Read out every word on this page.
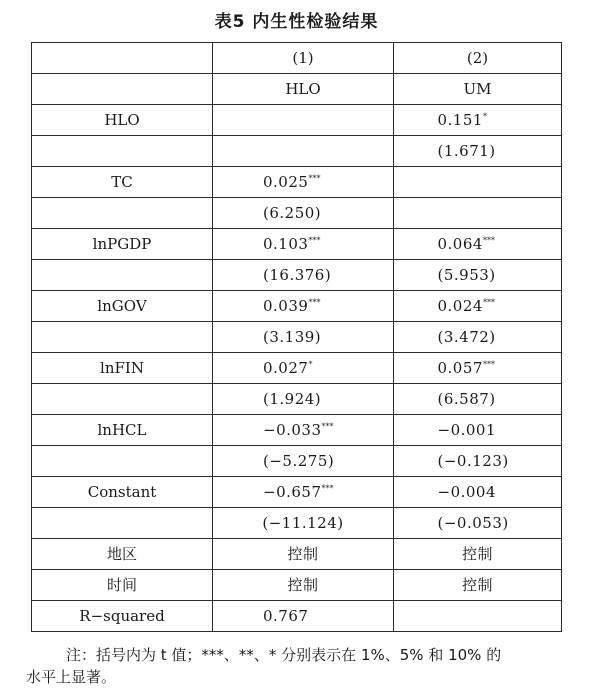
表5 内生性检验结果
	(1)	(2)
	HLO	UM
HLO		0.151*
		(1.671)
TC	0.025***	
	(6.250)	
lnPGDP	0.103***	0.064***
	(16.376)	(5.953)
lnGOV	0.039***	0.024***
	(3.139)	(3.472)
lnFIN	0.027*	0.057***
	(1.924)	(6.587)
lnHCL	−0.033***	−0.001
	(−5.275)	(−0.123)
Constant	−0.657***	−0.004
	(−11.124)	(−0.053)
地区	控制	控制
时间	控制	控制
R−squared	0.767	
注：括号内为 t 值；***、**、* 分别表示在 1%、5% 和 10% 的
水平上显著。
